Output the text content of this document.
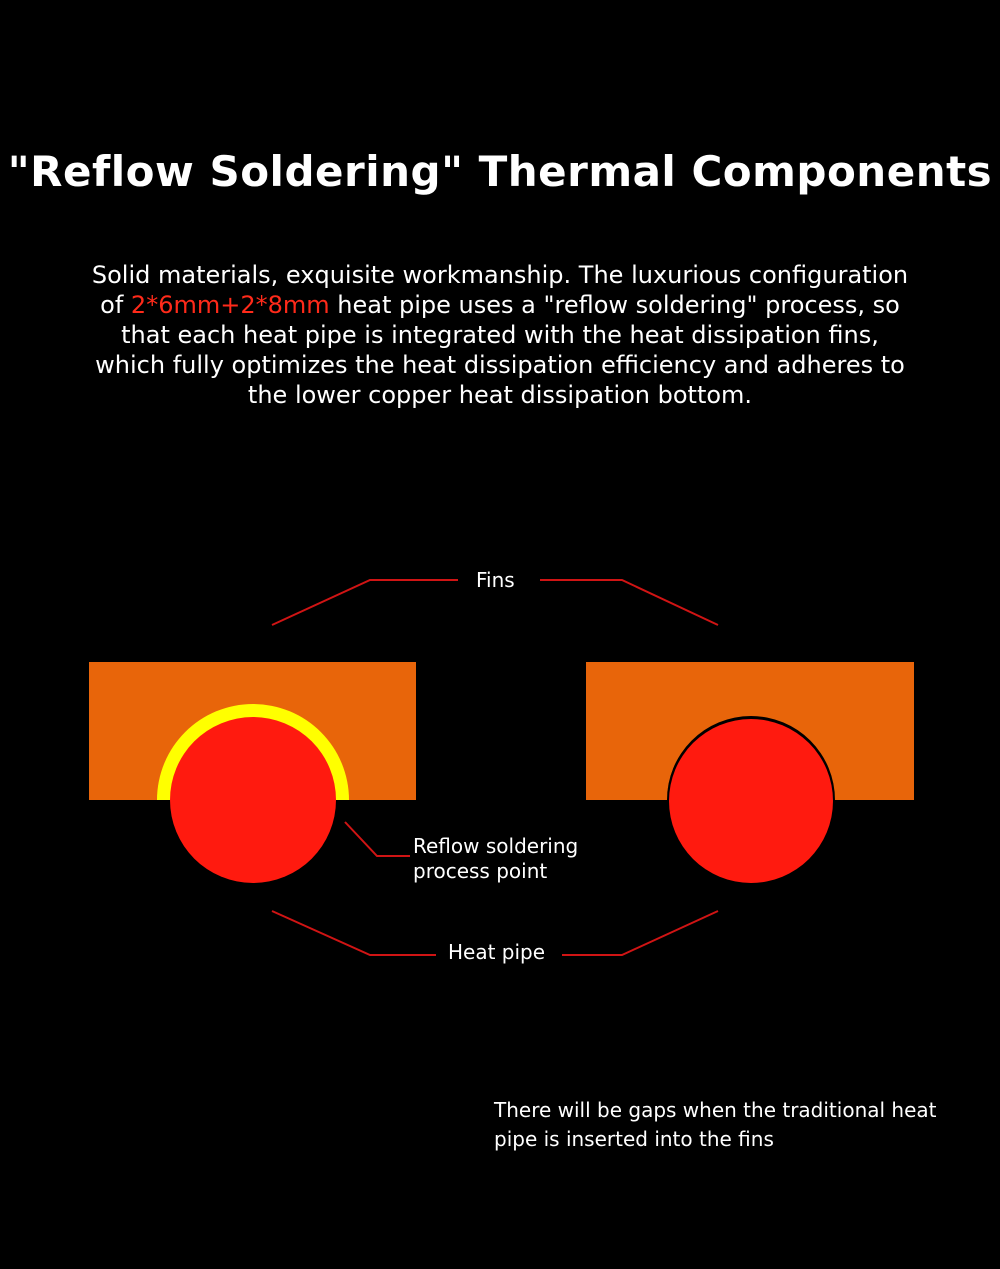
"Reflow Soldering" Thermal Components

Solid materials, exquisite workmanship. The luxurious configuration of 2*6mm+2*8mm heat pipe uses a "reflow soldering" process, so that each heat pipe is integrated with the heat dissipation fins, which fully optimizes the heat dissipation efficiency and adheres to the lower copper heat dissipation bottom.

Fins
Reflow soldering
process point
Heat pipe

There will be gaps when the traditional heat pipe is inserted into the fins
